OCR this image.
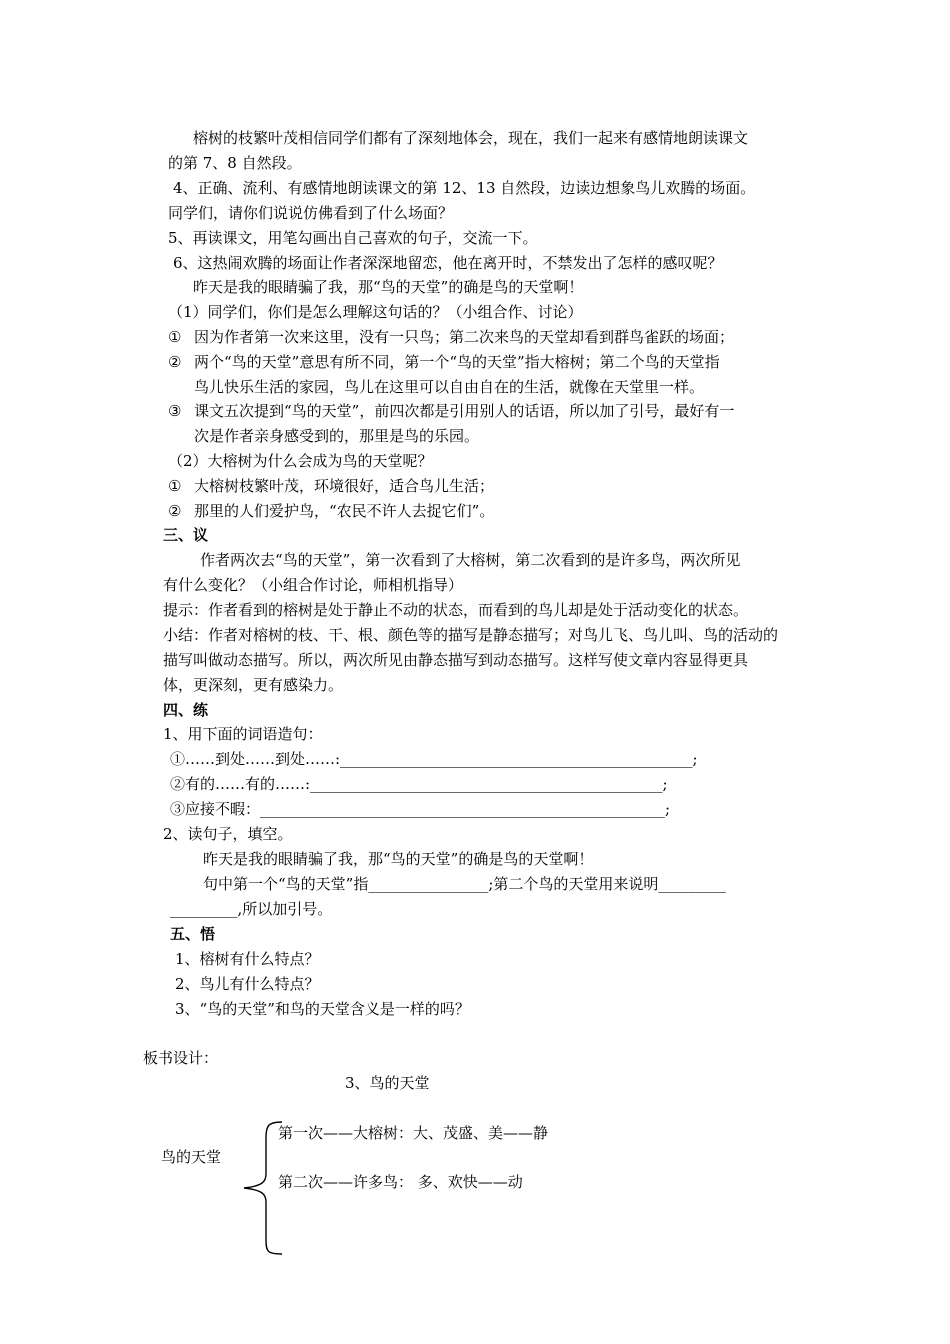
榕树的枝繁叶茂相信同学们都有了深刻地体会，现在，我们一起来有感情地朗读课文
的第 7、8 自然段。
4、正确、流利、有感情地朗读课文的第 12、13 自然段，边读边想象鸟儿欢腾的场面。
同学们，请你们说说仿佛看到了什么场面？
5、再读课文，用笔勾画出自己喜欢的句子，交流一下。
6、这热闹欢腾的场面让作者深深地留恋，他在离开时，不禁发出了怎样的感叹呢？
昨天是我的眼睛骗了我，那“鸟的天堂”的确是鸟的天堂啊！
（1）同学们，你们是怎么理解这句话的？（小组合作、讨论）
① 因为作者第一次来这里，没有一只鸟；第二次来鸟的天堂却看到群鸟雀跃的场面；
② 两个“鸟的天堂”意思有所不同，第一个“鸟的天堂”指大榕树；第二个鸟的天堂指
鸟儿快乐生活的家园，鸟儿在这里可以自由自在的生活，就像在天堂里一样。
③ 课文五次提到“鸟的天堂”，前四次都是引用别人的话语，所以加了引号，最好有一
次是作者亲身感受到的，那里是鸟的乐园。
（2）大榕树为什么会成为鸟的天堂呢？
① 大榕树枝繁叶茂，环境很好，适合鸟儿生活；
② 那里的人们爱护鸟，“农民不许人去捉它们”。
三、议
作者两次去“鸟的天堂”，第一次看到了大榕树，第二次看到的是许多鸟，两次所见
有什么变化？（小组合作讨论，师相机指导）
提示：作者看到的榕树是处于静止不动的状态，而看到的鸟儿却是处于活动变化的状态。
小结：作者对榕树的枝、干、根、颜色等的描写是静态描写；对鸟儿飞、鸟儿叫、鸟的活动的
描写叫做动态描写。所以，两次所见由静态描写到动态描写。这样写使文章内容显得更具
体，更深刻，更有感染力。
四、练
1、用下面的词语造句：
①……到处……到处……:_______________________________________________;
②有的……有的……:_______________________________________________;
③应接不暇：______________________________________________________;
2、读句子，填空。
昨天是我的眼睛骗了我，那“鸟的天堂”的确是鸟的天堂啊！
句中第一个“鸟的天堂”指________________;第二个鸟的天堂用来说明_________
_________,所以加引号。
五、悟
1、榕树有什么特点？
2、鸟儿有什么特点？
3、“鸟的天堂”和鸟的天堂含义是一样的吗？
板书设计：
3、鸟的天堂
鸟的天堂
第一次——大榕树：大、茂盛、美——静
第二次——许多鸟： 多、欢快——动
